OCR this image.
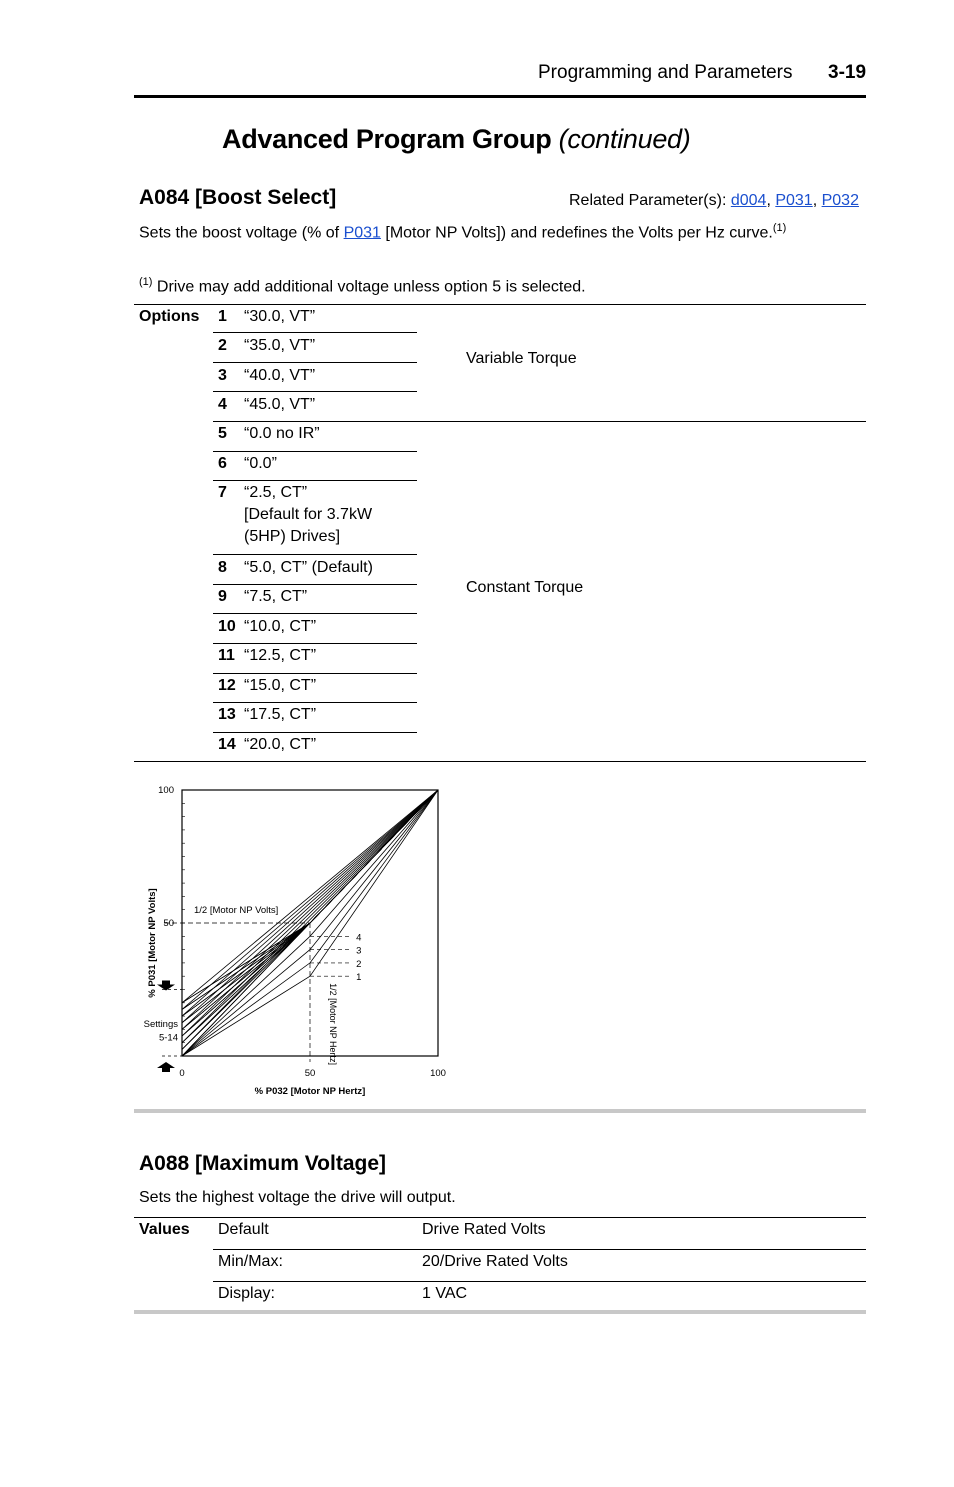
Programming and Parameters 3-19
Advanced Program Group (continued)
A084 [Boost Select]	Related Parameter(s): d004, P031, P032
Sets the boost voltage (% of P031 [Motor NP Volts]) and redefines the Volts per Hz curve.$^{(1)}$
$^{(1)}$ Drive may add additional voltage unless option 5 is selected.
Options 1 “30.0, VT”
2 “35.0, VT”
3 “40.0, VT”
4 “45.0, VT”
5 “0.0 no IR”
6 “0.0”
7 “2.5, CT”
[Default for 3.7kW
(5HP) Drives]
8 “5.0, CT” (Default)
9 “7.5, CT”
10 “10.0, CT”
11 “12.5, CT”
12 “15.0, CT”
13 “17.5, CT”
14 “20.0, CT”
Variable Torque
Constant Torque
0	50	100
100
50
% P032 [Motor NP Hertz]
% P031 [Motor NP Volts]	1/2 [Motor NP Volts]
1/2 [Motor NP Hertz]
Settings
5-14
4
3
2
1
A088 [Maximum Voltage]
Sets the highest voltage the drive will output.
Values Default	Drive Rated Volts
Min/Max:	20/Drive Rated Volts
Display:	1 VAC
